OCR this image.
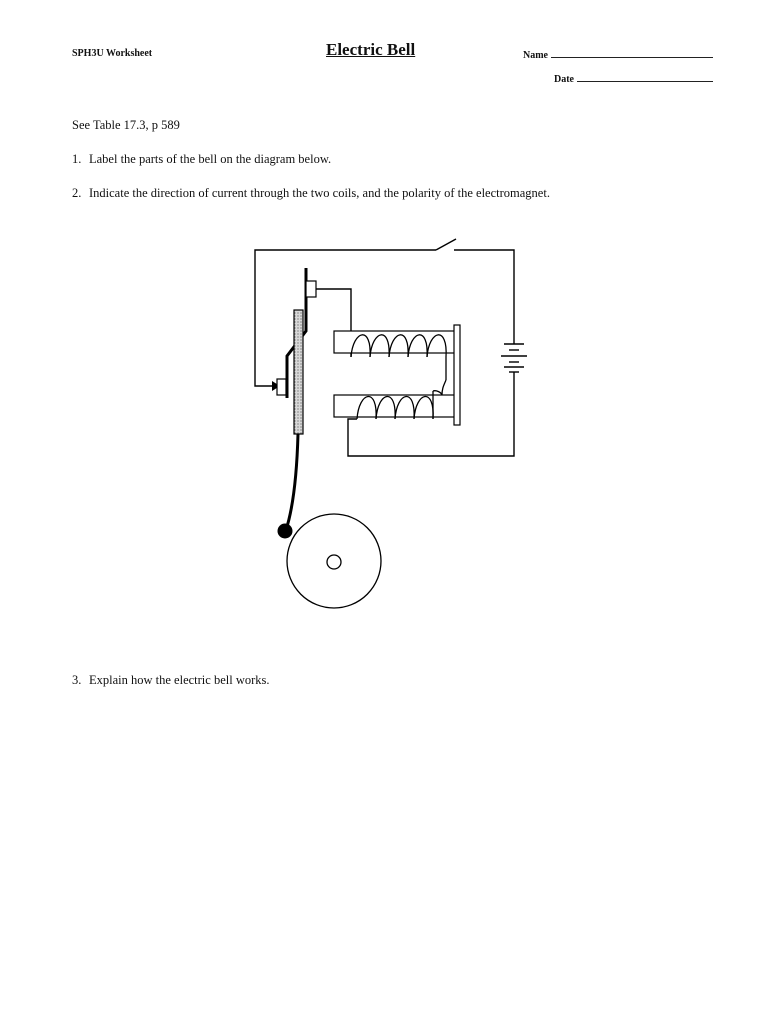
SPH3U Worksheet	Electric Bell	Name
Date
See Table 17.3, p 589
1. Label the parts of the bell on the diagram below.
2. Indicate the direction of current through the two coils, and the polarity of the electromagnet.
3. Explain how the electric bell works.
